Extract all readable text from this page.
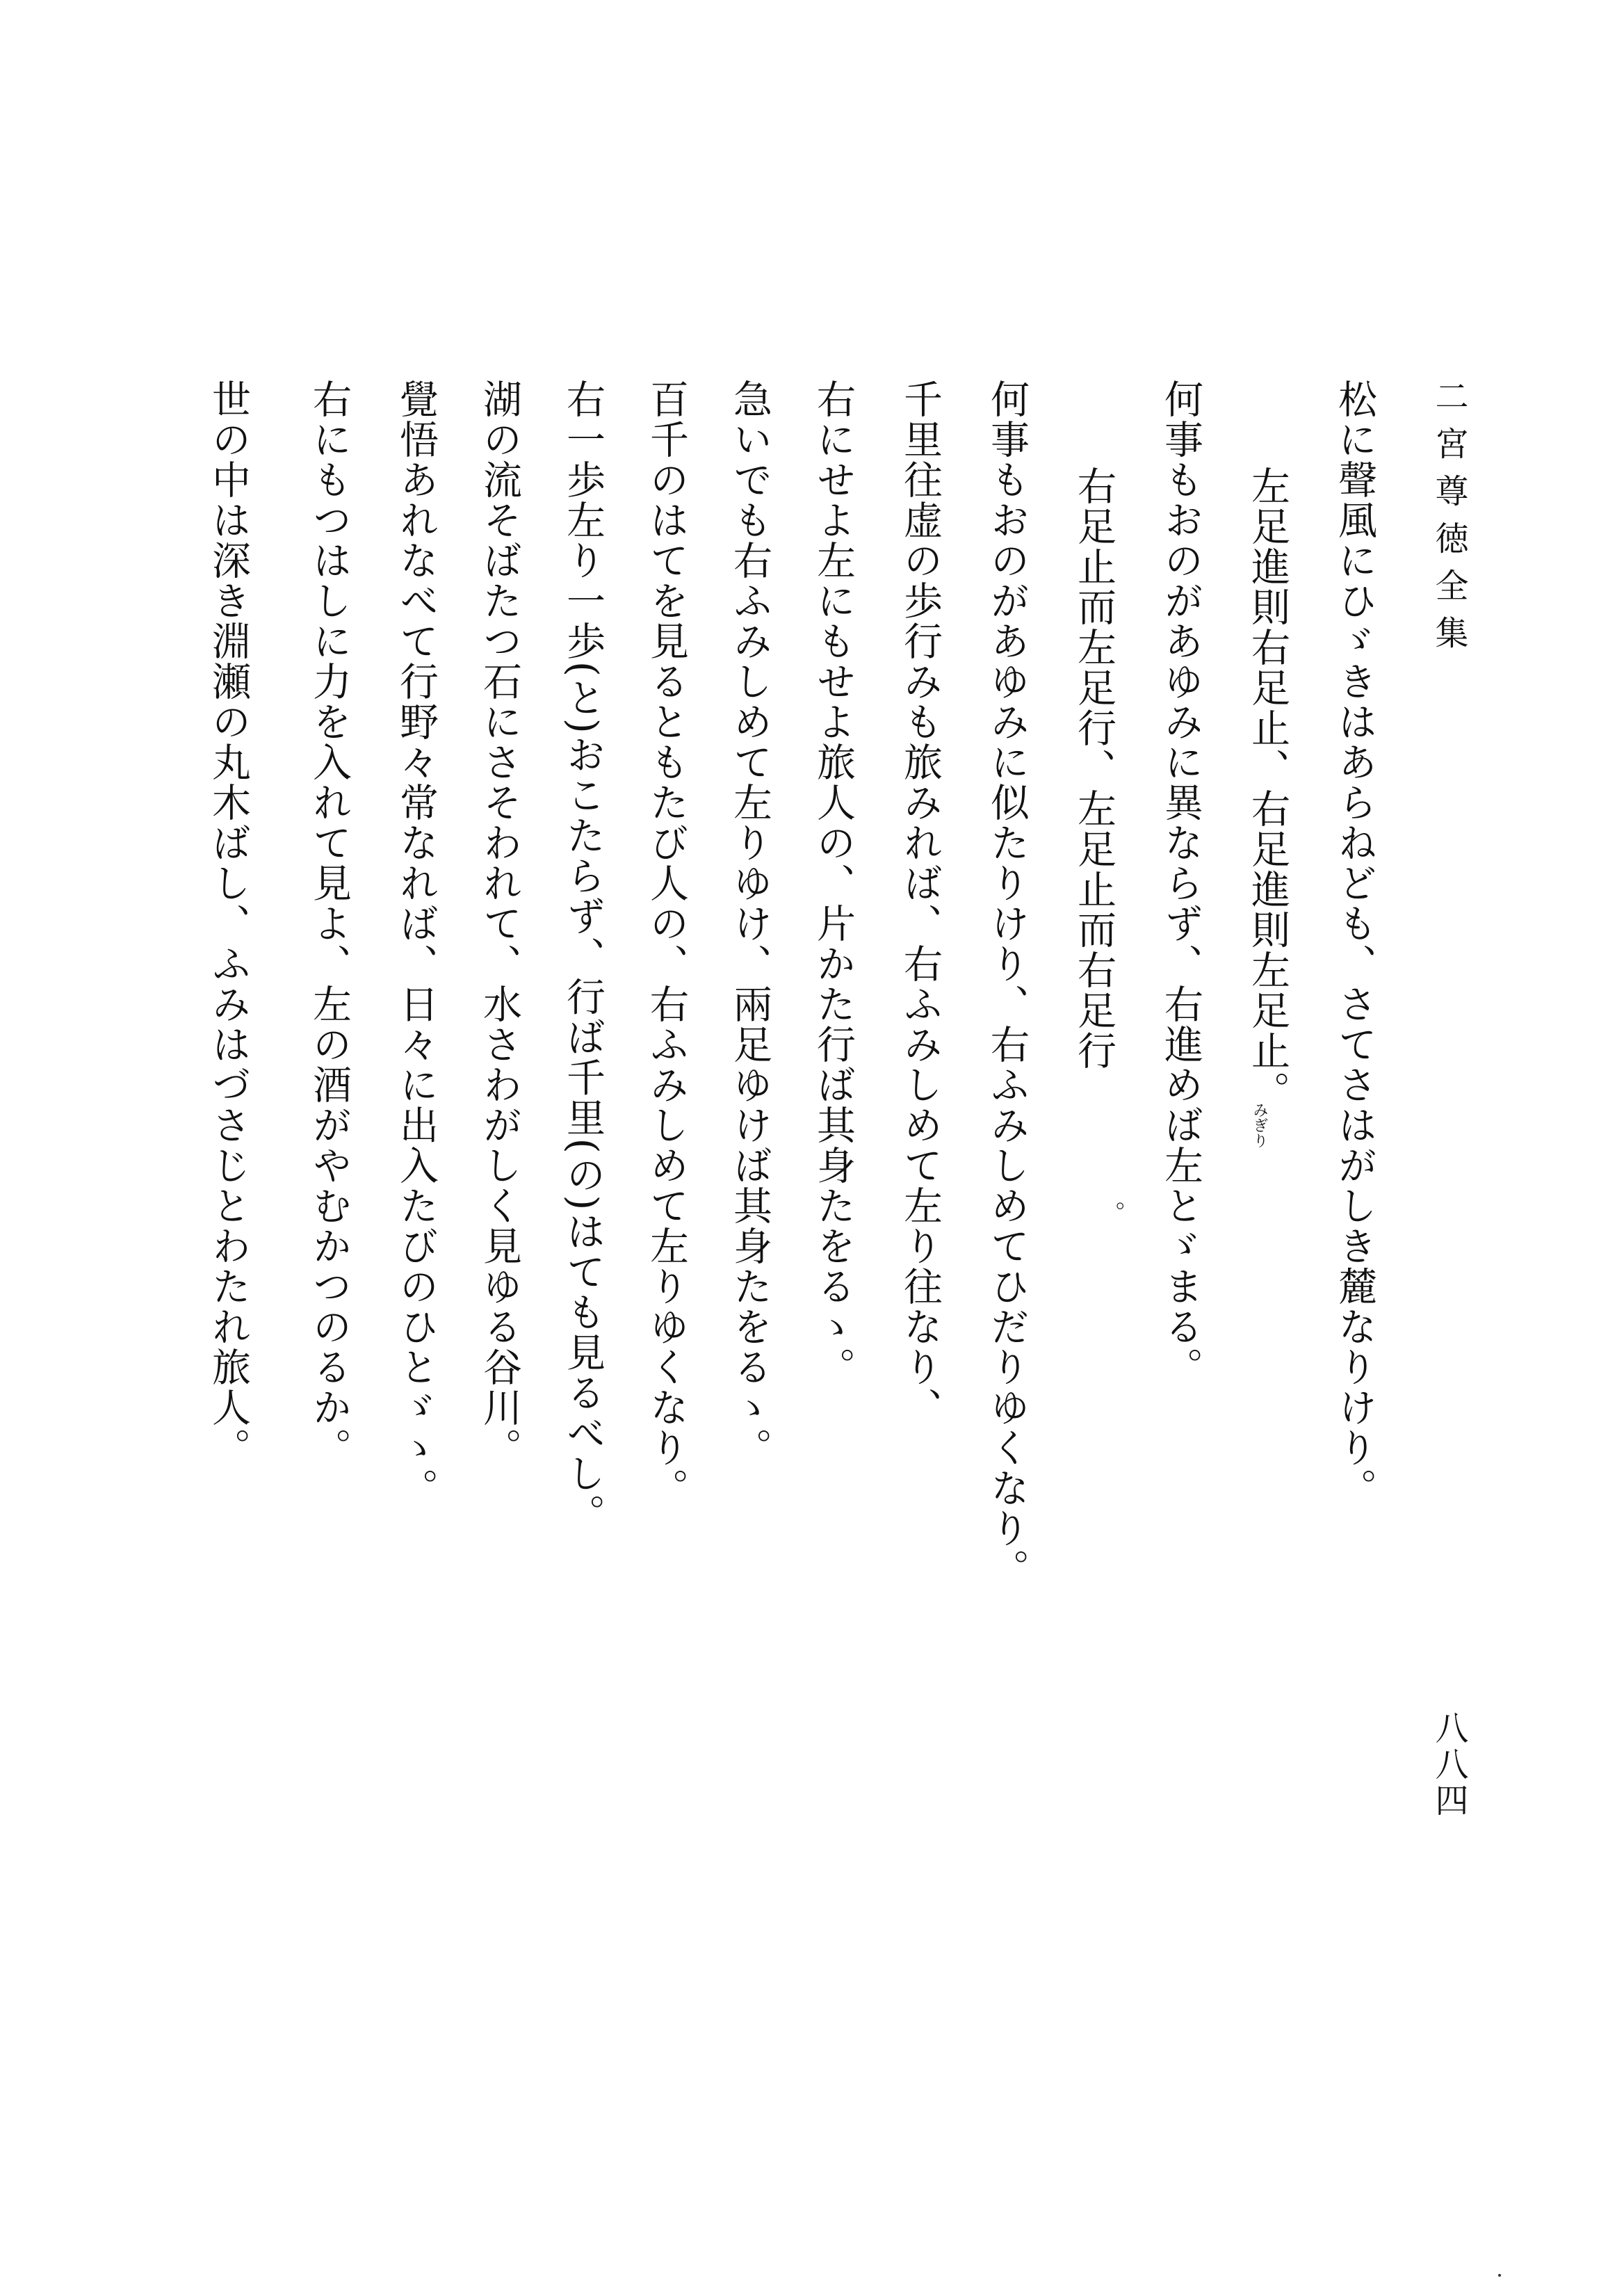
二宮尊徳全集
松に聲風にひゞきはあらねども、さてさはがしき麓なりけり。
左足進則右足止、右足進則左足止。
何事もおのがあゆみに異ならず、右進めば左とゞまる。	みぎり
右足止而左足行、左足止而右足行
。
何事もおのがあゆみに似たりけり、右ふみしめてひだりゆくなり。
千里往虚の歩行みも旅みれば、右ふみしめて左り往なり、
右にせよ左にもせよ旅人の、片かた行ば其身たをるゝ。
急いでも右ふみしめて左りゆけ、兩足ゆけば其身たをるゝ。
百千のはてを見るともたび人の、右ふみしめて左りゆくなり。
右一歩左り一歩(と)おこたらず、行ば千里(の)はても見るべし。
湖の流そばたつ石にさそわれて、水さわがしく見ゆる谷川。
覺悟あれなべて行野々常なれば、日々に出入たびのひとゞゝ。
右にもつはしに力を入れて見よ、左の酒がやむかつのるか。
世の中は深き淵瀬の丸木ばし、ふみはづさじとわたれ旅人。
八八四
